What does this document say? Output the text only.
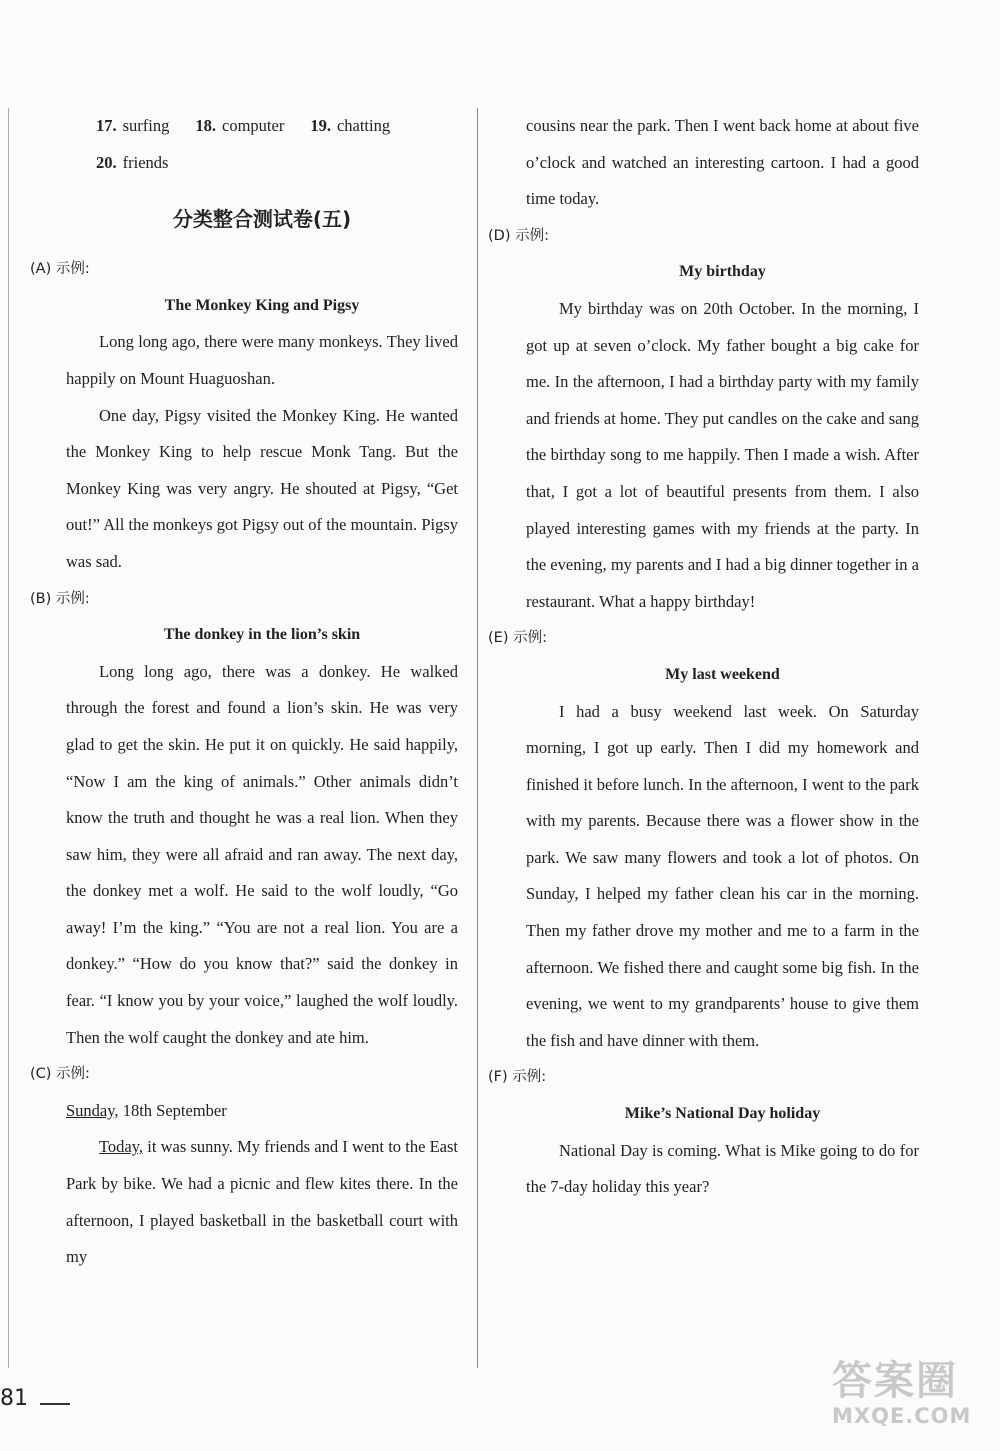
17. surfing 18. computer 19. chatting

20. friends

分类整合测试卷(五)
(A) 示例:
The Monkey King and Pigsy

Long long ago, there were many monkeys. They lived happily on Mount Huaguoshan.

One day, Pigsy visited the Monkey King. He wanted the Monkey King to help rescue Monk Tang. But the Monkey King was very angry. He shouted at Pigsy, “Get out!” All the monkeys got Pigsy out of the mountain. Pigsy was sad.

(B) 示例:
The donkey in the lion’s skin

Long long ago, there was a donkey. He walked through the forest and found a lion’s skin. He was very glad to get the skin. He put it on quickly. He said happily, “Now I am the king of animals.” Other animals didn’t know the truth and thought he was a real lion. When they saw him, they were all afraid and ran away. The next day, the donkey met a wolf. He said to the wolf loudly, “Go away! I’m the king.” “You are not a real lion. You are a donkey.” “How do you know that?” said the donkey in fear. “I know you by your voice,” laughed the wolf loudly. Then the wolf caught the donkey and ate him.

(C) 示例:

Sunday, 18th September

Today, it was sunny. My friends and I went to the East Park by bike. We had a picnic and flew kites there. In the afternoon, I played basketball in the basketball court with my

cousins near the park. Then I went back home at about five o’clock and watched an interesting cartoon. I had a good time today.

(D) 示例:
My birthday

My birthday was on 20th October. In the morning, I got up at seven o’clock. My father bought a big cake for me. In the afternoon, I had a birthday party with my family and friends at home. They put candles on the cake and sang the birthday song to me happily. Then I made a wish. After that, I got a lot of beautiful presents from them. I also played interesting games with my friends at the party. In the evening, my parents and I had a big dinner together in a restaurant. What a happy birthday!

(E) 示例:
My last weekend

I had a busy weekend last week. On Saturday morning, I got up early. Then I did my homework and finished it before lunch. In the afternoon, I went to the park with my parents. Because there was a flower show in the park. We saw many flowers and took a lot of photos. On Sunday, I helped my father clean his car in the morning. Then my father drove my mother and me to a farm in the afternoon. We fished there and caught some big fish. In the evening, we went to my grandparents’ house to give them the fish and have dinner with them.

(F) 示例:
Mike’s National Day holiday

National Day is coming. What is Mike going to do for the 7-day holiday this year?

81	答案圈
MXQE.COM
